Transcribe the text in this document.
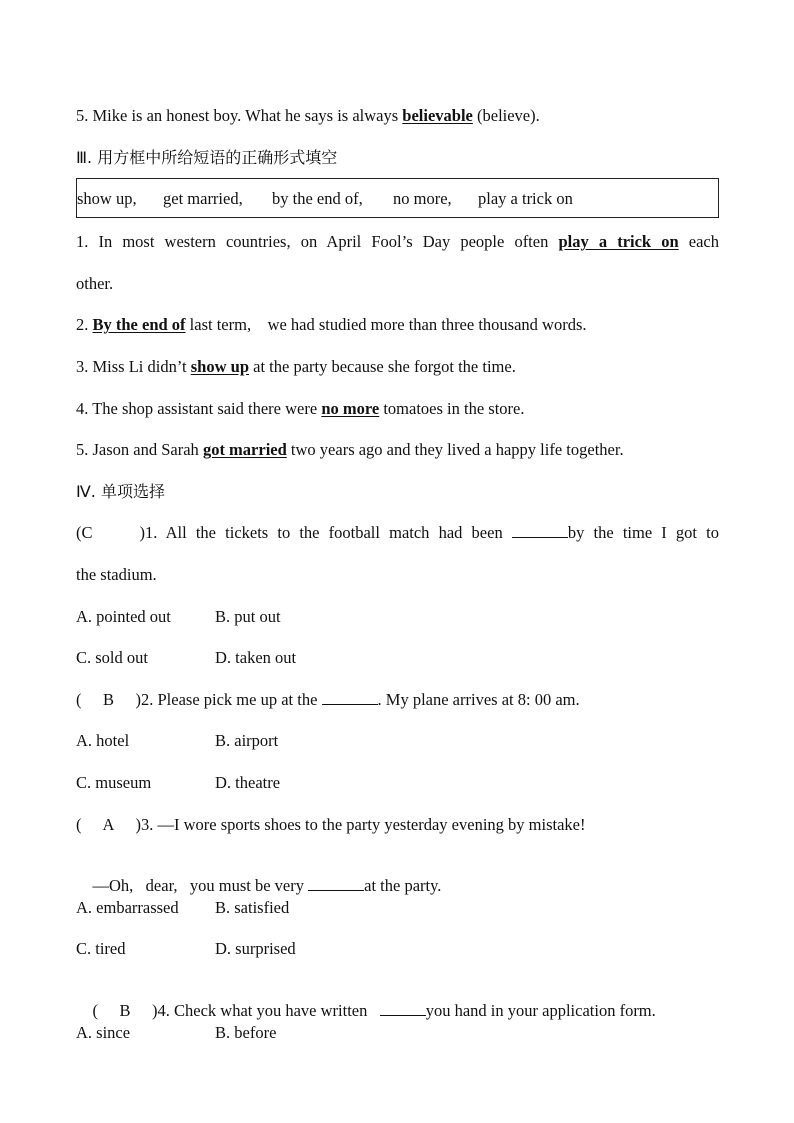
5. Mike is an honest boy. What he says is always believable (believe).
Ⅲ. 用方框中所给短语的正确形式填空
show up, get married, by the end of, no more, play a trick on
1. In most western countries, on April Fool’s Day people often play a trick on each
other.
2. By the end of last term,    we had studied more than three thousand words.
3. Miss Li didn’t show up at the party because she forgot the time.
4. The shop assistant said there were no more tomatoes in the store.
5. Jason and Sarah got married two years ago and they lived a happy life together.
Ⅳ. 单项选择
(C	)1. All the tickets to the football match had been	by the time I got to
the stadium.
A. pointed out	B. put out
C. sold out	D. taken out
( B )2. Please pick me up at the	. My plane arrives at 8: 00 am.
A. hotel	B. airport
C. museum	D. theatre
( A )3. —I wore sports shoes to the party yesterday evening by mistake!

—Oh,   dear,   you must be very	at the party.

A. embarrassed B. satisfied
C. tired	D. surprised

( B )4. Check what you have written	you hand in your application form.

A. since	B. before
